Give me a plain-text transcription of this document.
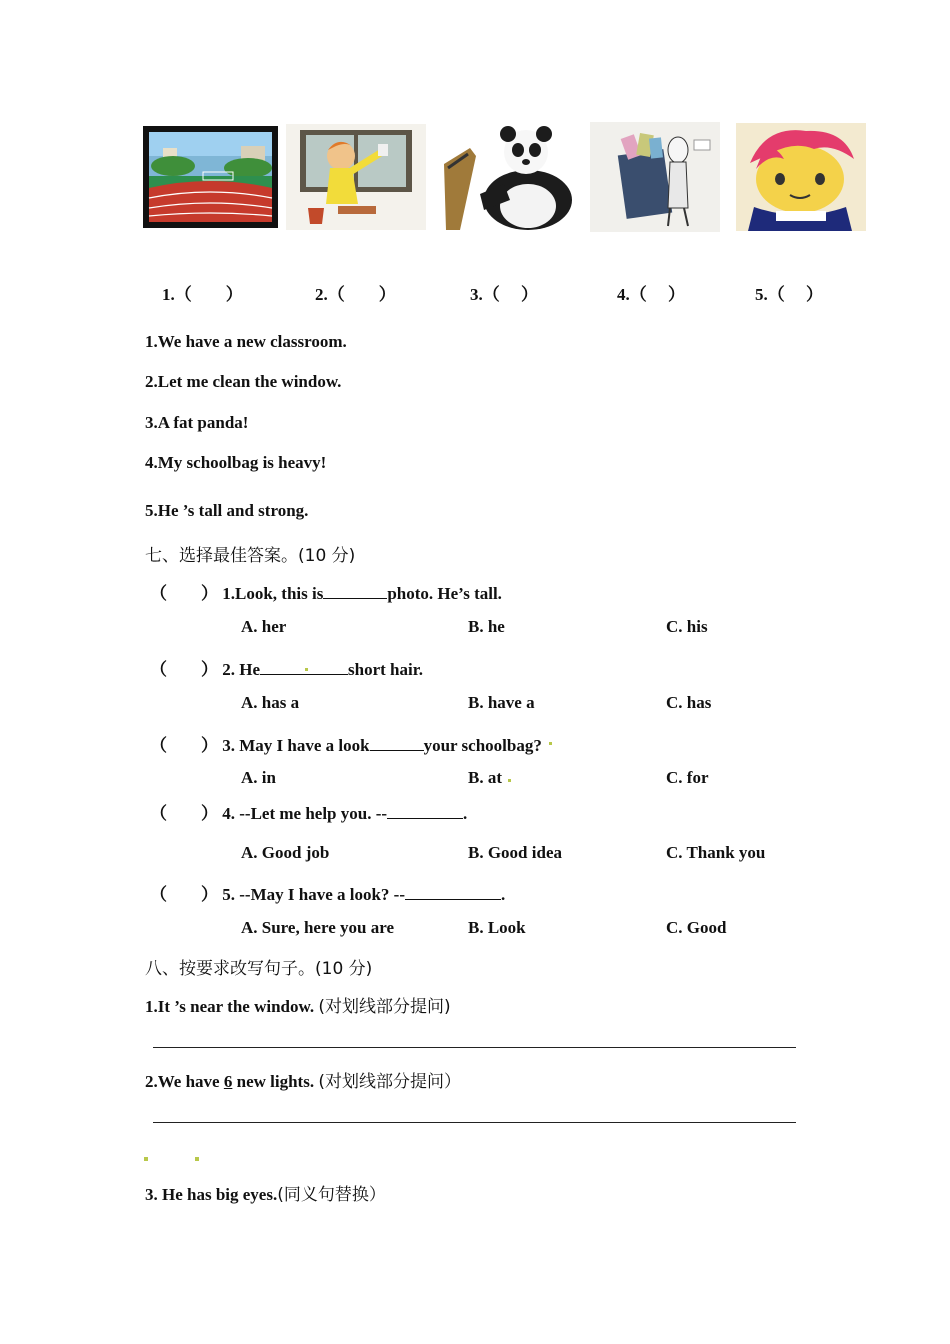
1.（　　）	2.（　　）	3.（　 ）	4.（　 ）	5.（　 ）
1.We have a new classroom.
2.Let me clean the window.
3.A fat panda!
4.My schoolbag is heavy!
5.He ’s tall and strong.
七、选择最佳答案。(10 分)
（　　） 1.Look, this is	photo. He’s tall.
A. her	B. he	C. his
（　　） 2. He	short hair.
A. has a	B. have a	C. has
（　　） 3. May I have a look	your schoolbag?
A. in	B. at	C. for
（　　） 4. --Let me help you. --	.
A. Good job	B. Good idea	C. Thank you
（　　） 5. --May I have a look? --	.
A. Sure, here you are	B. Look	C. Good
八、按要求改写句子。(10 分)
1.It ’s near the window. (对划线部分提问)
2.We have 6 new lights. (对划线部分提问）
3. He has big eyes.(同义句替换）
